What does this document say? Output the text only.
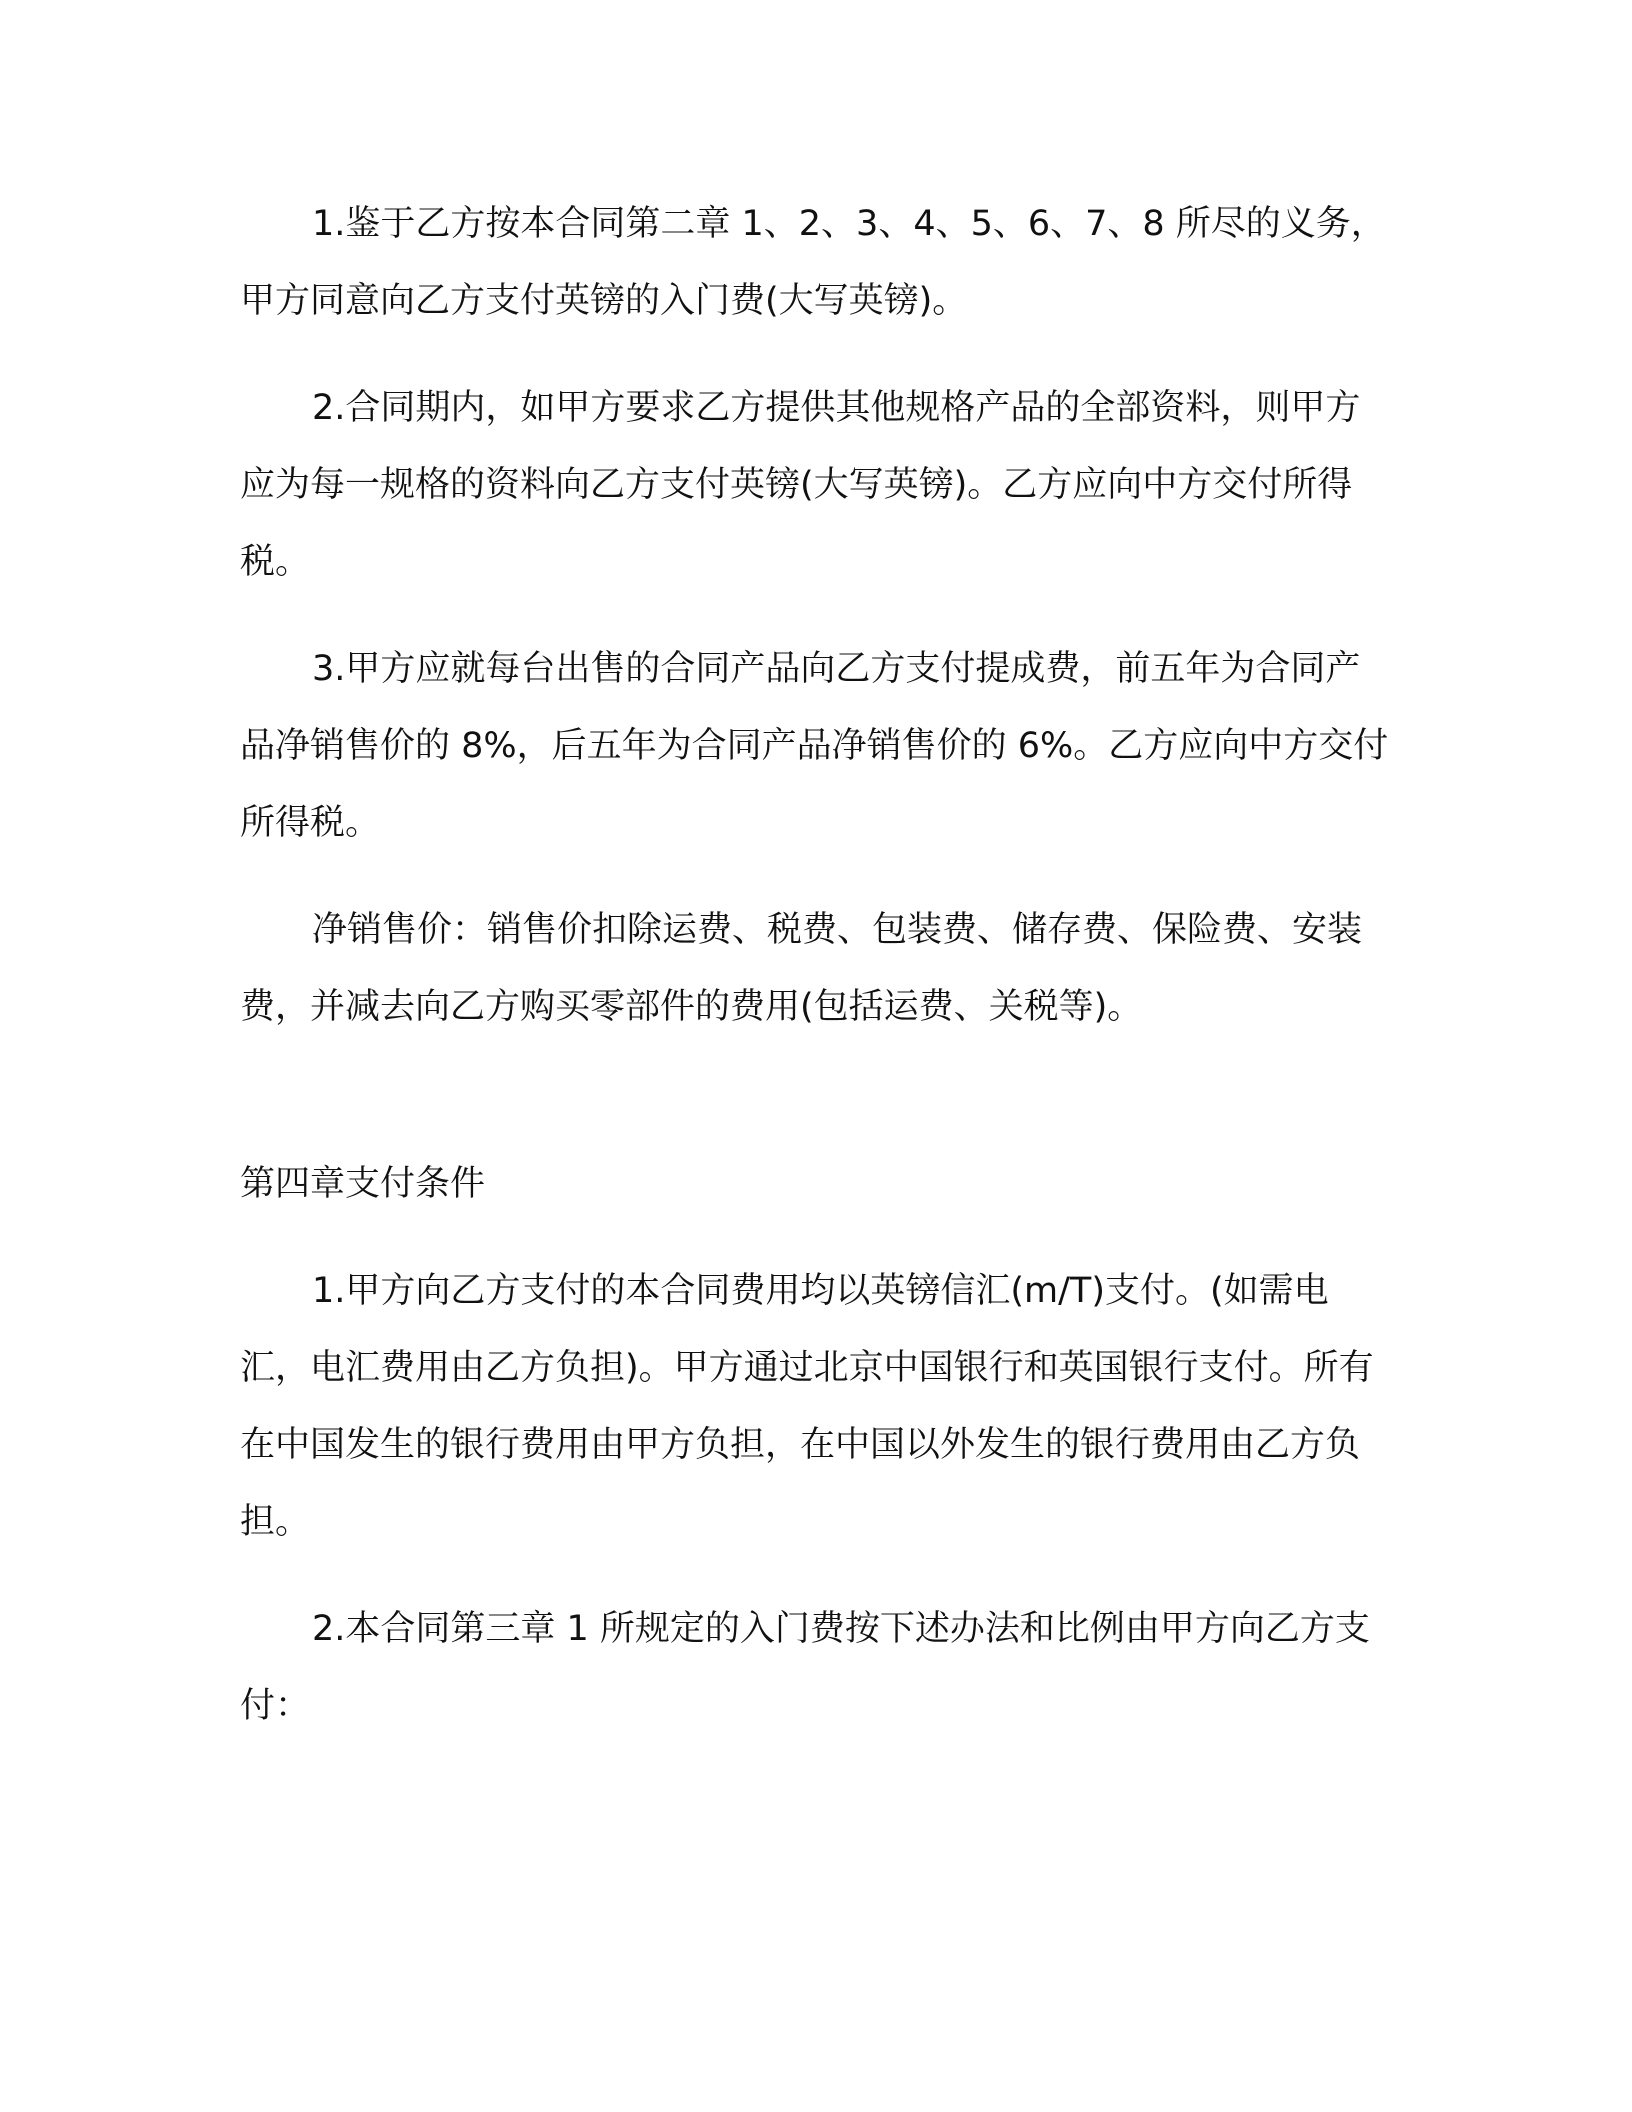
1.鉴于乙方按本合同第二章 1、2、3、4、5、6、7、8 所尽的义务，甲方同意向乙方支付英镑的入门费(大写英镑)。

2.合同期内，如甲方要求乙方提供其他规格产品的全部资料，则甲方应为每一规格的资料向乙方支付英镑(大写英镑)。乙方应向中方交付所得税。

3.甲方应就每台出售的合同产品向乙方支付提成费，前五年为合同产品净销售价的 8%，后五年为合同产品净销售价的 6%。乙方应向中方交付所得税。

净销售价：销售价扣除运费、税费、包装费、储存费、保险费、安装费，并减去向乙方购买零部件的费用(包括运费、关税等)。

第四章支付条件

1.甲方向乙方支付的本合同费用均以英镑信汇(m/T)支付。(如需电汇，电汇费用由乙方负担)。甲方通过北京中国银行和英国银行支付。所有在中国发生的银行费用由甲方负担，在中国以外发生的银行费用由乙方负担。

2.本合同第三章 1 所规定的入门费按下述办法和比例由甲方向乙方支付：
